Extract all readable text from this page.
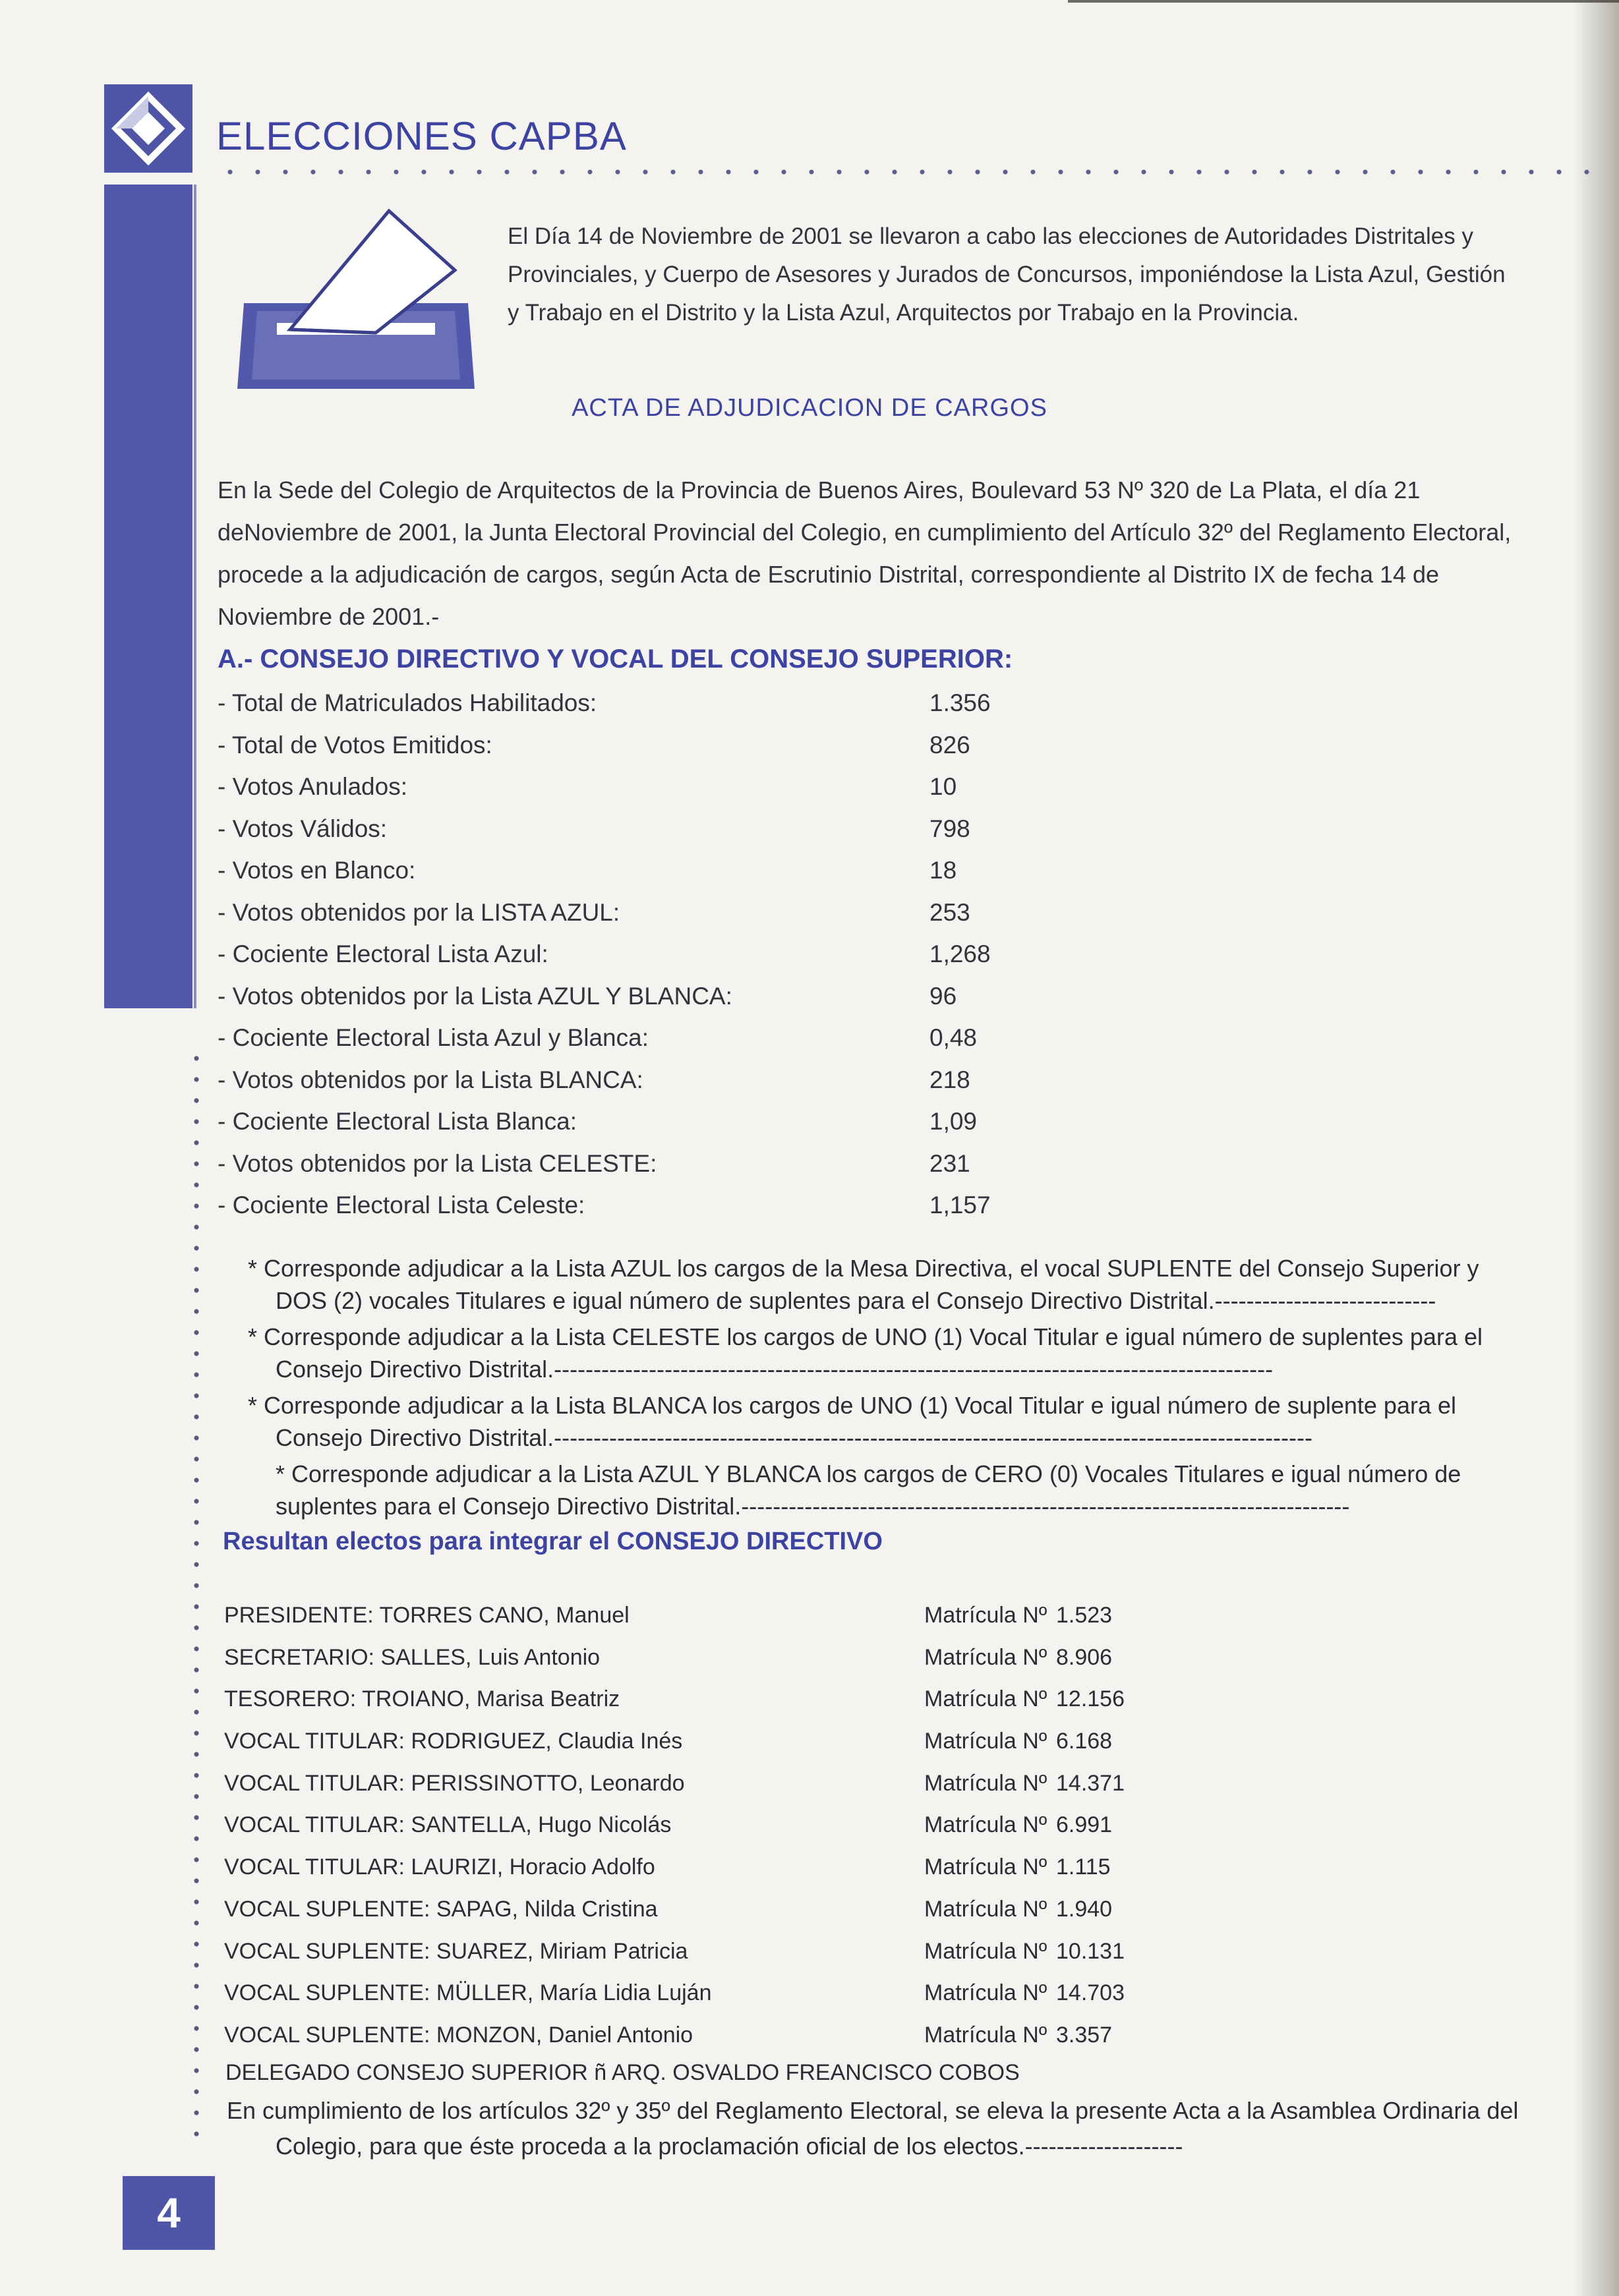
ELECCIONES CAPBA

El Día 14 de Noviembre de 2001 se llevaron a cabo las elecciones de Autoridades Distritales y Provinciales, y Cuerpo de Asesores y Jurados de Concursos, imponiéndose la Lista Azul, Gestión y Trabajo en el Distrito y la Lista Azul, Arquitectos por Trabajo en la Provincia.

ACTA DE ADJUDICACION DE CARGOS

En la Sede del Colegio de Arquitectos de la Provincia de Buenos Aires, Boulevard 53 Nº 320 de La Plata, el día 21 deNoviembre de 2001, la Junta Electoral Provincial del Colegio, en cumplimiento del Artículo 32º del Reglamento Electoral, procede a la adjudicación de cargos, según Acta de Escrutinio Distrital, correspondiente al Distrito IX de fecha 14 de Noviembre de 2001.-

A.- CONSEJO DIRECTIVO Y VOCAL DEL CONSEJO SUPERIOR:
- Total de Matriculados Habilitados:	1.356
- Total de Votos Emitidos:	826
- Votos Anulados:	10
- Votos Válidos:	798
- Votos en Blanco:	18
- Votos obtenidos por la LISTA AZUL:	253
- Cociente Electoral Lista Azul:	1,268
- Votos obtenidos por la Lista AZUL Y BLANCA:	96
- Cociente Electoral Lista Azul y Blanca:	0,48
- Votos obtenidos por la Lista BLANCA:	218
- Cociente Electoral Lista Blanca:	1,09
- Votos obtenidos por la Lista CELESTE:	231
- Cociente Electoral Lista Celeste:	1,157
* Corresponde adjudicar a la Lista AZUL los cargos de la Mesa Directiva, el vocal SUPLENTE del Consejo Superior y DOS (2) vocales Titulares e igual número de suplentes para el Consejo Directivo Distrital.----------------------------
* Corresponde adjudicar a la Lista CELESTE los cargos de UNO (1) Vocal Titular e igual número de suplentes para el Consejo Directivo Distrital.-------------------------------------------------------------------------------------------
* Corresponde adjudicar a la Lista BLANCA los cargos de UNO (1) Vocal Titular e igual número de suplente para el Consejo Directivo Distrital.------------------------------------------------------------------------------------------------
* Corresponde adjudicar a la Lista AZUL Y BLANCA los cargos de CERO (0) Vocales Titulares e igual número de suplentes para el Consejo Directivo Distrital.-----------------------------------------------------------------------------
Resultan electos para integrar el CONSEJO DIRECTIVO
PRESIDENTE: TORRES CANO, Manuel	Matrícula Nº 1.523
SECRETARIO: SALLES, Luis Antonio	Matrícula Nº 8.906
TESORERO: TROIANO, Marisa Beatriz	Matrícula Nº 12.156
VOCAL TITULAR: RODRIGUEZ, Claudia Inés	Matrícula Nº 6.168
VOCAL TITULAR: PERISSINOTTO, Leonardo	Matrícula Nº 14.371
VOCAL TITULAR: SANTELLA, Hugo Nicolás	Matrícula Nº 6.991
VOCAL TITULAR: LAURIZI, Horacio Adolfo	Matrícula Nº 1.115
VOCAL SUPLENTE: SAPAG, Nilda Cristina	Matrícula Nº 1.940
VOCAL SUPLENTE: SUAREZ, Miriam Patricia	Matrícula Nº 10.131
VOCAL SUPLENTE: MÜLLER, María Lidia Luján	Matrícula Nº 14.703
VOCAL SUPLENTE: MONZON, Daniel Antonio	Matrícula Nº 3.357
DELEGADO CONSEJO SUPERIOR ñ ARQ. OSVALDO FREANCISCO COBOS

En cumplimiento de los artículos 32º y 35º del Reglamento Electoral, se eleva la presente Acta a la Asamblea Ordinaria del Colegio, para que éste proceda a la proclamación oficial de los electos.--------------------

4
